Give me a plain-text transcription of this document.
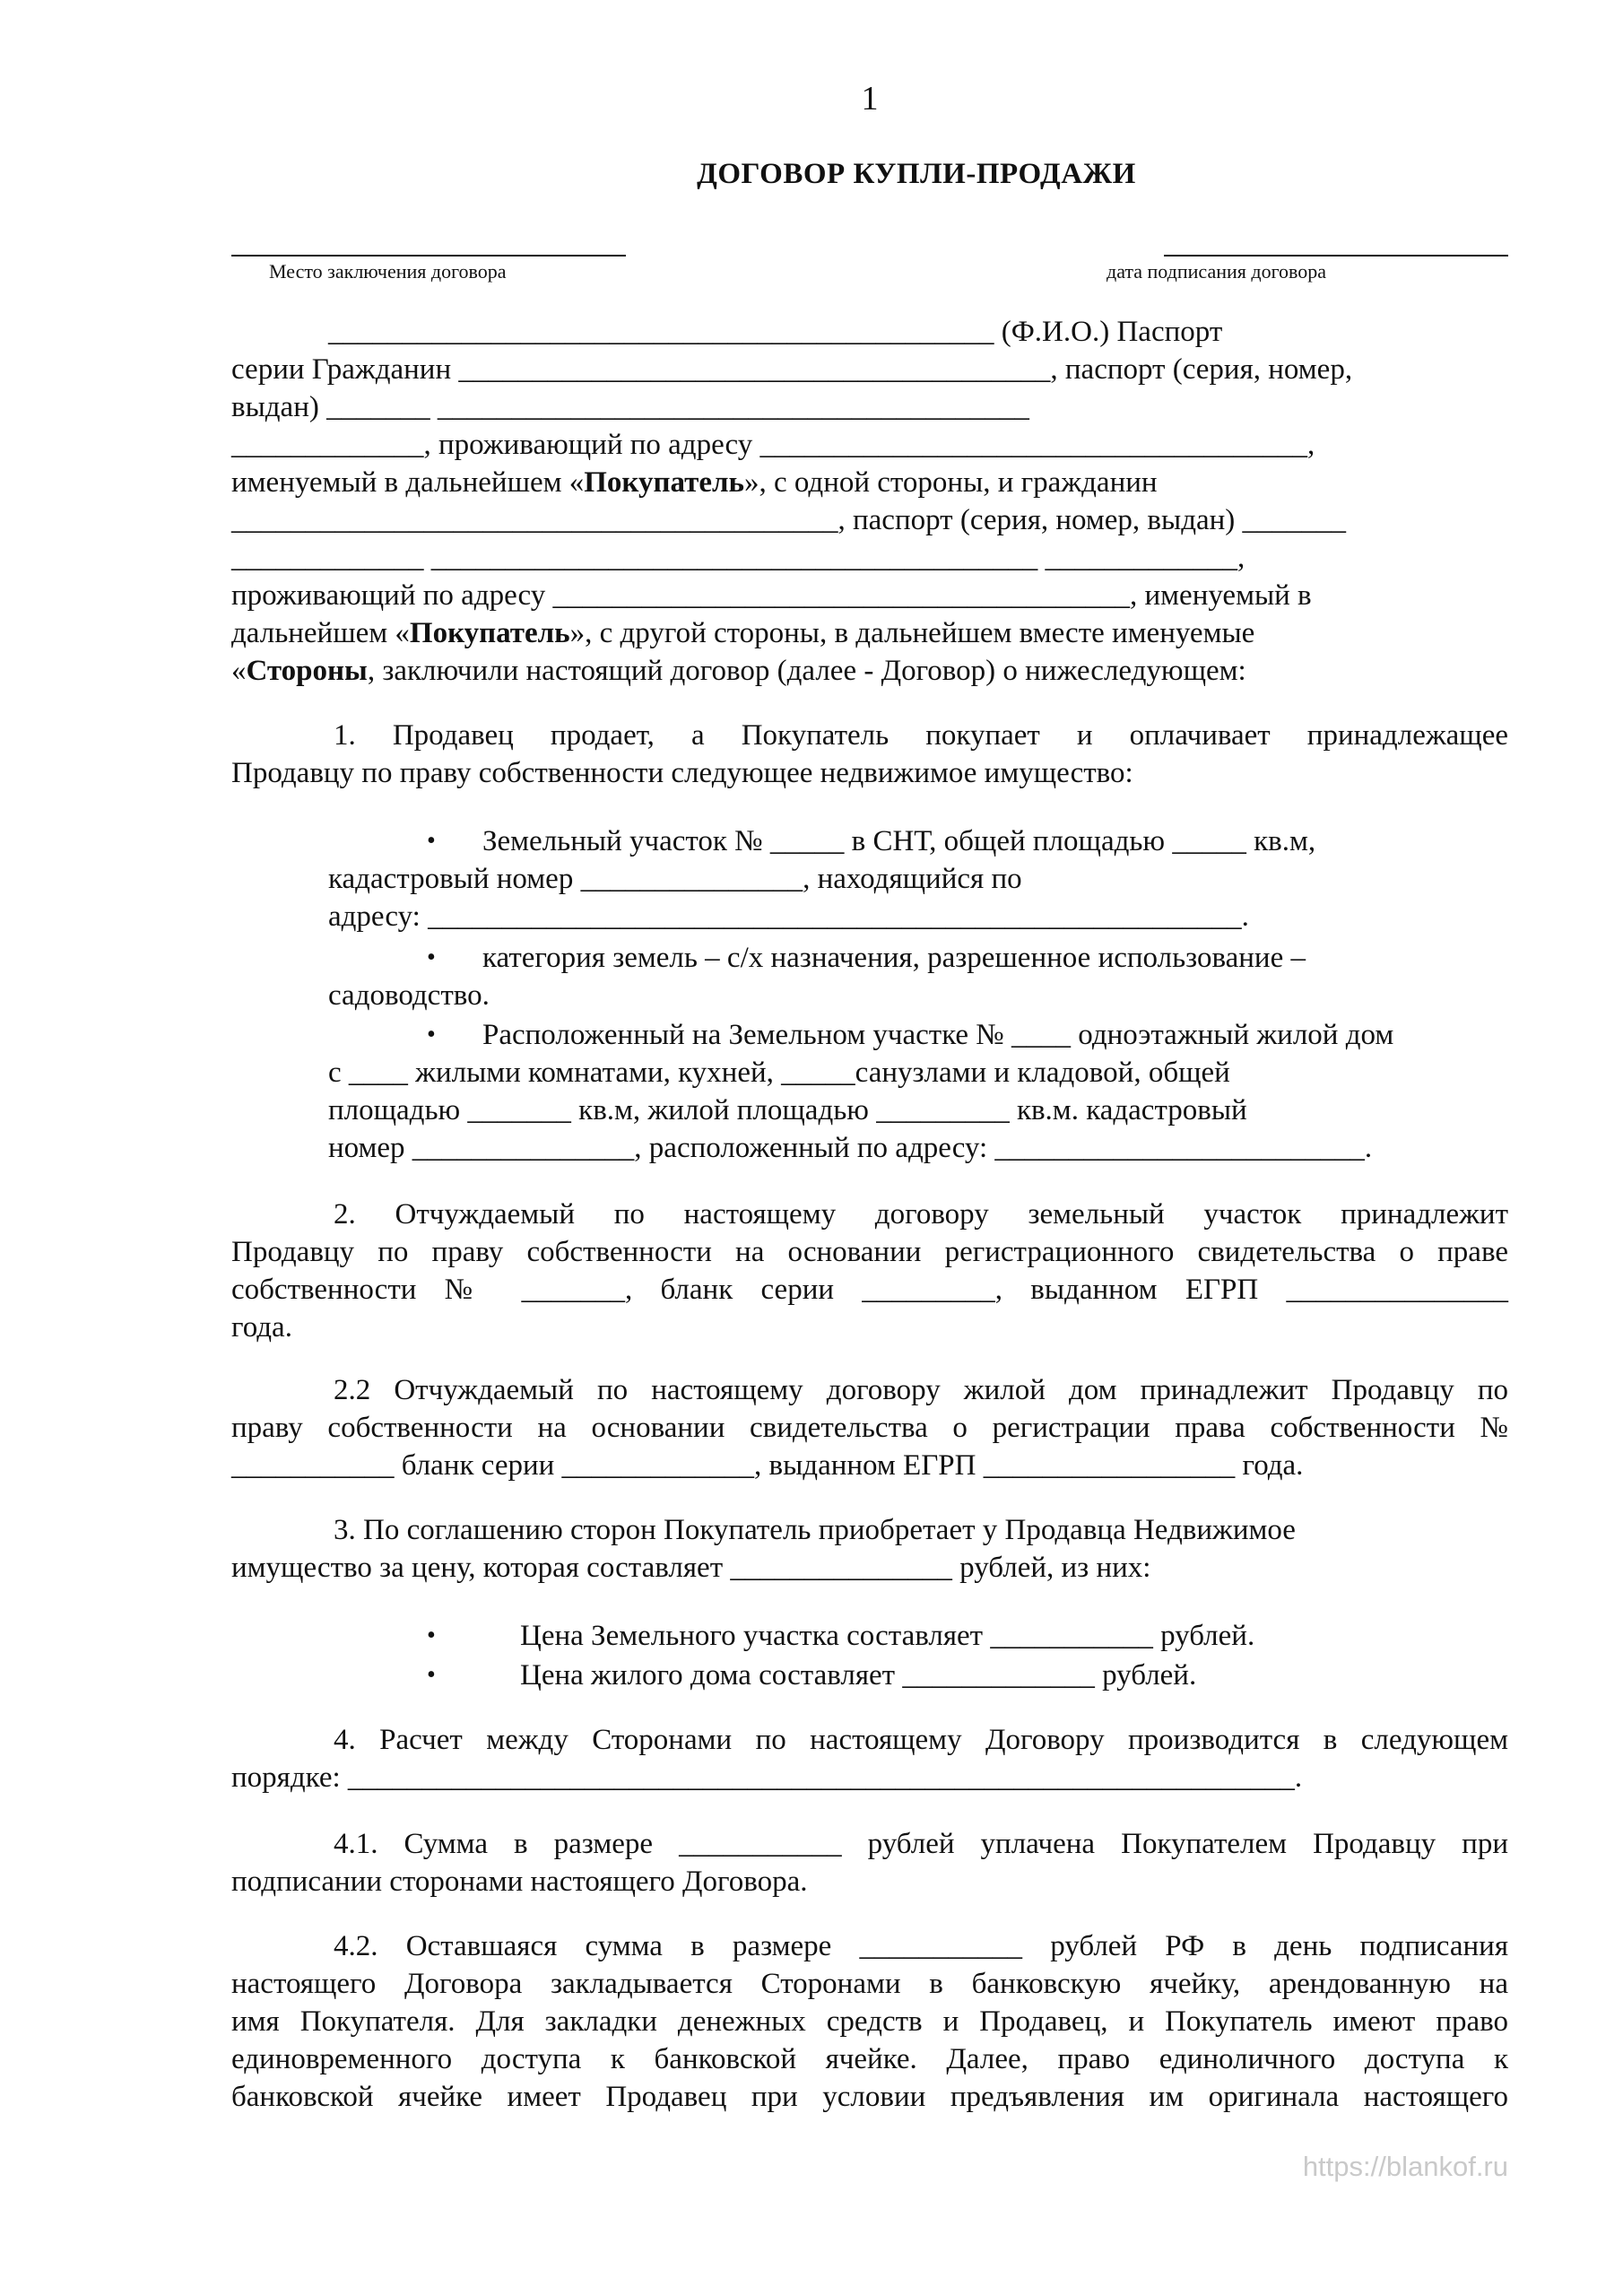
1
ДОГОВОР КУПЛИ-ПРОДАЖИ
Место заключения договора	дата подписания договора
_____________________________________________ (Ф.И.О.) Паспорт
серии Гражданин ________________________________________, паспорт (серия, номер,
выдан) _______ ________________________________________
_____________, проживающий по адресу _____________________________________,
именуемый в дальнейшем «Покупатель», с одной стороны, и гражданин
_________________________________________, паспорт (серия, номер, выдан) _______
_____________ _________________________________________ _____________,
проживающий по адресу _______________________________________, именуемый в
дальнейшем «Покупатель», с другой стороны, в дальнейшем вместе именуемые
«Стороны, заключили настоящий договор (далее - Договор) о нижеследующем:
1. Продавец продает, а Покупатель покупает и оплачивает принадлежащее
Продавцу по праву собственности следующее недвижимое имущество:
• Земельный участок № _____ в СНТ, общей площадью _____ кв.м,
кадастровый номер _______________, находящийся по
адресу: _______________________________________________________.
• категория земель – с/х назначения, разрешенное использование –
садоводство.
• Расположенный на Земельном участке № ____ одноэтажный жилой дом
с ____ жилыми комнатами, кухней, _____санузлами и кладовой, общей
площадью _______ кв.м, жилой площадью _________ кв.м. кадастровый
номер _______________, расположенный по адресу: _________________________.
2. Отчуждаемый по настоящему договору земельный участок принадлежит
Продавцу по праву собственности на основании регистрационного свидетельства о праве
собственности № _______, бланк серии _________, выданном ЕГРП _______________
года.
2.2 Отчуждаемый по настоящему договору жилой дом принадлежит Продавцу по
праву собственности на основании свидетельства о регистрации права собственности №
___________ бланк серии _____________, выданном ЕГРП _________________ года.
3. По соглашению сторон Покупатель приобретает у Продавца Недвижимое
имущество за цену, которая составляет _______________ рублей, из них:
•	Цена Земельного участка составляет ___________ рублей.
•	Цена жилого дома составляет _____________ рублей.
4. Расчет между Сторонами по настоящему Договору производится в следующем
порядке: ________________________________________________________________.
4.1. Сумма в размере ___________ рублей уплачена Покупателем Продавцу при
подписании сторонами настоящего Договора.
4.2. Оставшаяся сумма в размере ___________ рублей РФ в день подписания
настоящего Договора закладывается Сторонами в банковскую ячейку, арендованную на
имя Покупателя. Для закладки денежных средств и Продавец, и Покупатель имеют право
единовременного доступа к банковской ячейке. Далее, право единоличного доступа к
банковской ячейке имеет Продавец при условии предъявления им оригинала настоящего
https://blankof.ru
